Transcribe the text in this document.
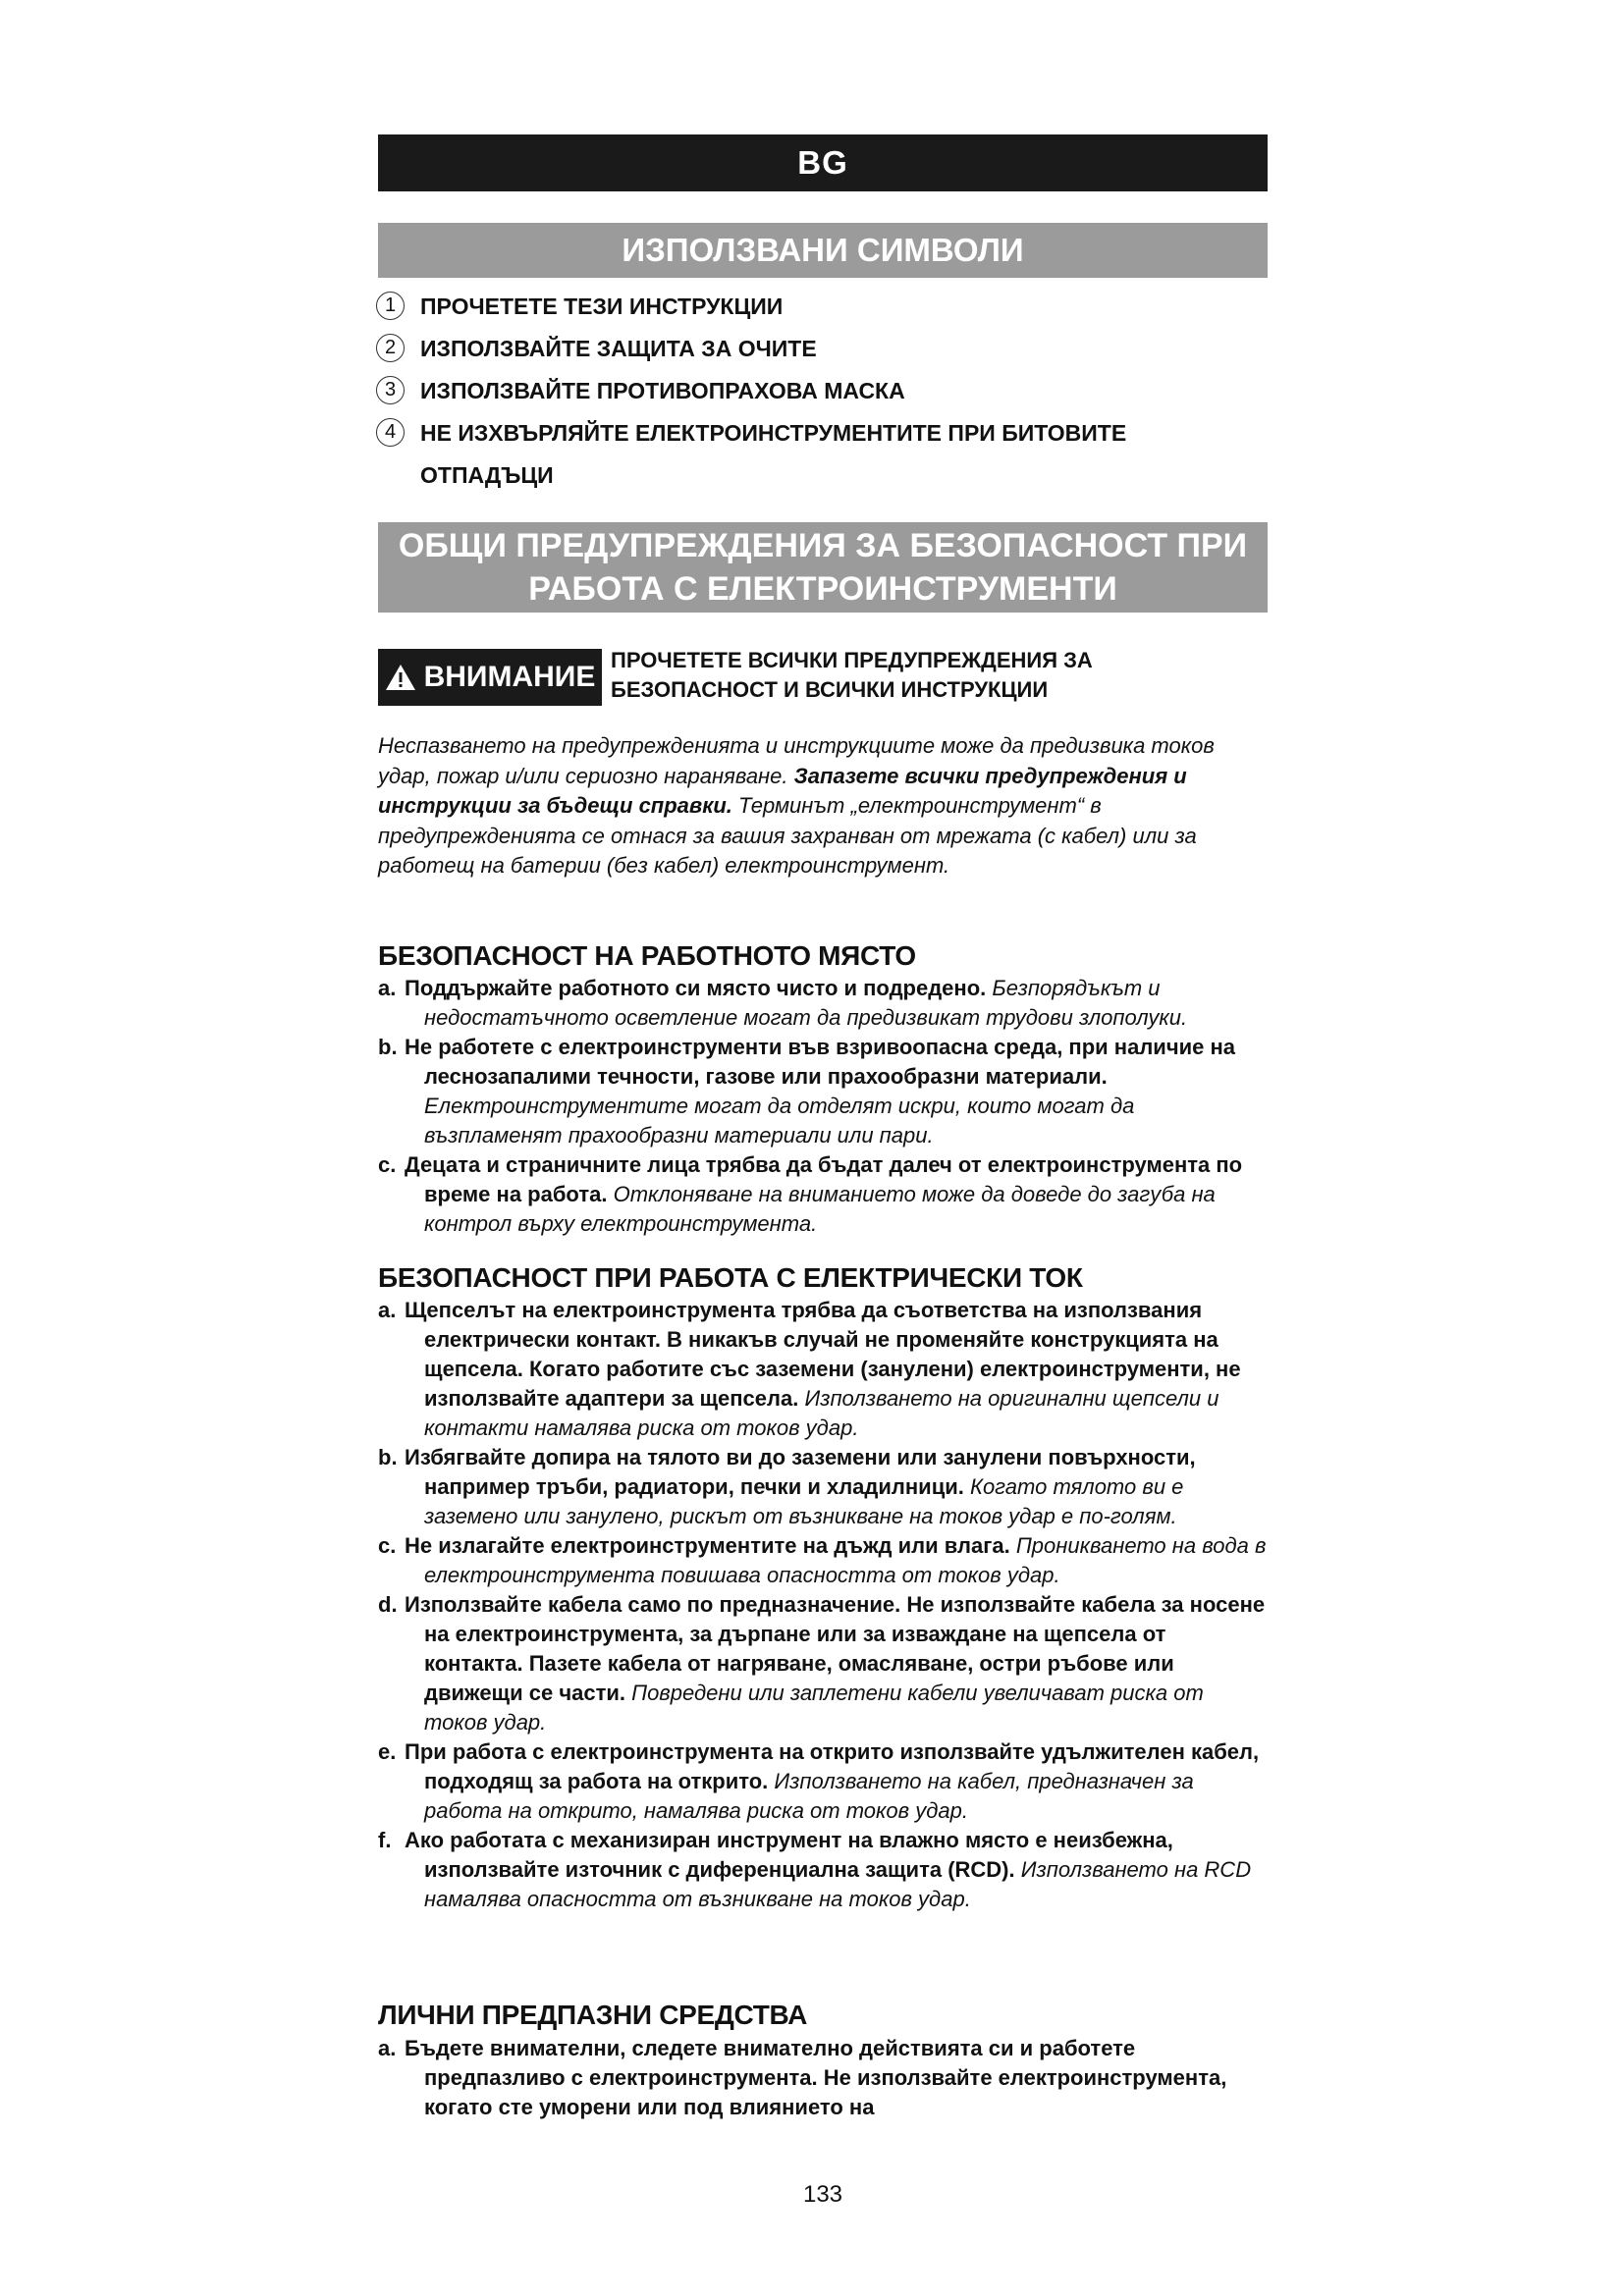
BG
ИЗПОЛЗВАНИ СИМВОЛИ
1	ПРОЧЕТЕТЕ ТЕЗИ ИНСТРУКЦИИ
2	ИЗПОЛЗВАЙТЕ ЗАЩИТА ЗА ОЧИТЕ
3	ИЗПОЛЗВАЙТЕ ПРОТИВОПРАХОВА МАСКА
4	НЕ ИЗХВЪРЛЯЙТЕ ЕЛЕКТРОИНСТРУМЕНТИТЕ ПРИ БИТОВИТЕ ОТПАДЪЦИ
ОБЩИ ПРЕДУПРЕЖДЕНИЯ ЗА БЕЗОПАСНОСТ ПРИ
РАБОТА С ЕЛЕКТРОИНСТРУМЕНТИ
ВНИМАНИЕ
ПРОЧЕТЕТЕ ВСИЧКИ ПРЕДУПРЕЖДЕНИЯ ЗА
БЕЗОПАСНОСТ И ВСИЧКИ ИНСТРУКЦИИ
Неспазването на предупрежденията и инструкциите може да предизвика токов удар, пожар и/или сериозно нараняване. Запазете всички предупреждения и инструкции за бъдещи справки. Терминът „електроинструмент“ в предупрежденията се отнася за вашия захранван от мрежата (с кабел) или за работещ на батерии (без кабел) електроинструмент.
БЕЗОПАСНОСТ НА РАБОТНОТО МЯСТО
a. Поддържайте работното си място чисто и подредено. Безпорядъкът и недостатъчното осветление могат да предизвикат трудови злополуки.
b. Не работете с електроинструменти във взривоопасна среда, при наличие на леснозапалими течности, газове или прахообразни материали. Електроинструментите могат да отделят искри, които могат да възпламенят прахообразни материали или пари.
c. Децата и страничните лица трябва да бъдат далеч от електроинструмента по време на работа. Отклоняване на вниманието може да доведе до загуба на контрол върху електроинструмента.
БЕЗОПАСНОСТ ПРИ РАБОТА С ЕЛЕКТРИЧЕСКИ ТОК
a. Щепселът на електроинструмента трябва да съответства на използвания електрически контакт. В никакъв случай не променяйте конструкцията на щепсела. Когато работите със заземени (занулени) електроинструменти, не използвайте адаптери за щепсела. Използването на оригинални щепсели и контакти намалява риска от токов удар.
b. Избягвайте допира на тялото ви до заземени или занулени повърхности, например тръби, радиатори, печки и хладилници. Когато тялото ви е заземено или занулено, рискът от възникване на токов удар е по-голям.
c. Не излагайте електроинструментите на дъжд или влага. Проникването на вода в електроинструмента повишава опасността от токов удар.
d. Използвайте кабела само по предназначение. Не използвайте кабела за носене на електроинструмента, за дърпане или за изваждане на щепсела от контакта. Пазете кабела от нагряване, омасляване, остри ръбове или движещи се части. Повредени или заплетени кабели увеличават риска от токов удар.
e. При работа с електроинструмента на открито използвайте удължителен кабел, подходящ за работа на открито. Използването на кабел, предназначен за работа на открито, намалява риска от токов удар.
f. Ако работата с механизиран инструмент на влажно място е неизбежна, използвайте източник с диференциална защита (RCD). Използването на RCD намалява опасността от възникване на токов удар.
ЛИЧНИ ПРЕДПАЗНИ СРЕДСТВА
a. Бъдете внимателни, следете внимателно действията си и работете предпазливо с електроинструмента. Не използвайте електроинструмента, когато сте уморени или под влиянието на
133
